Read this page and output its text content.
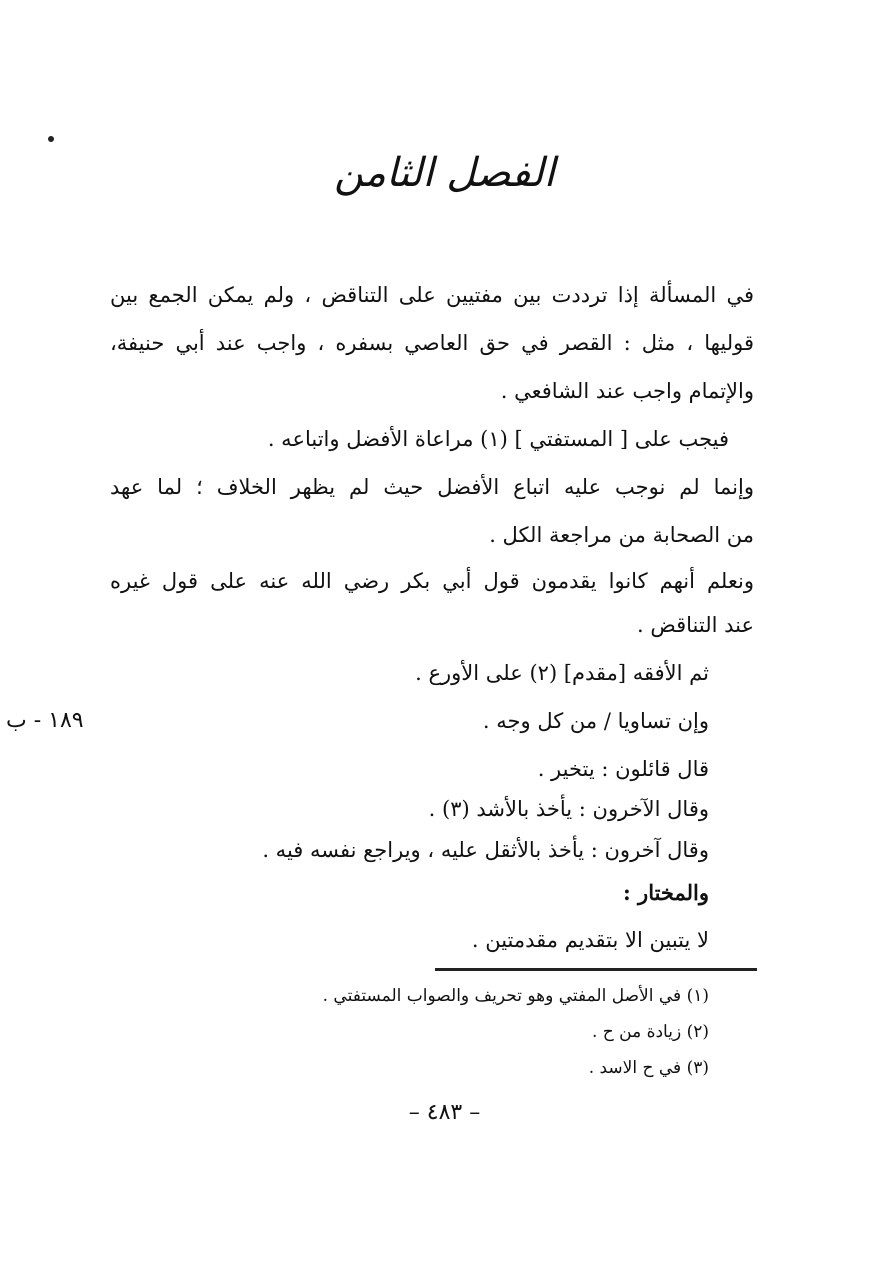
الفصل الثامن
في المسألة إذا ترددت بين مفتيين على التناقض ، ولم يمكن الجمع بين
قوليها ، مثل : القصر في حق العاصي بسفره ، واجب عند أبي حنيفة،
والإتمام واجب عند الشافعي .
فيجب على [ المستفتي ] (١) مراعاة الأفضل واتباعه .
وإنما لم نوجب عليه اتباع الأفضل حيث لم يظهر الخلاف ؛ لما عهد
من الصحابة من مراجعة الكل .
ونعلم أنهم كانوا يقدمون قول أبي بكر رضي الله عنه على قول غيره
عند التناقض .
ثم الأفقه [مقدم] (٢) على الأورع .
وإن تساويا / من كل وجه .
قال قائلون : يتخير .
وقال الآخرون : يأخذ بالأشد (٣) .
وقال آخرون : يأخذ بالأثقل عليه ، ويراجع نفسه فيه .
والمختار :
لا يتبين الا بتقديم مقدمتين .
١٨٩ - ب
(١) في الأصل المفتي وهو تحريف والصواب المستفتي .
(٢) زيادة من ح .
(٣) في ح الاسد .
– ٤٨٣ –
